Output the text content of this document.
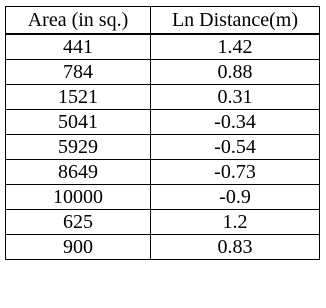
Area (in sq.)	Ln Distance(m)
441	1.42
784	0.88
1521	0.31
5041	-0.34
5929	-0.54
8649	-0.73
10000	-0.9
625	1.2
900	0.83
